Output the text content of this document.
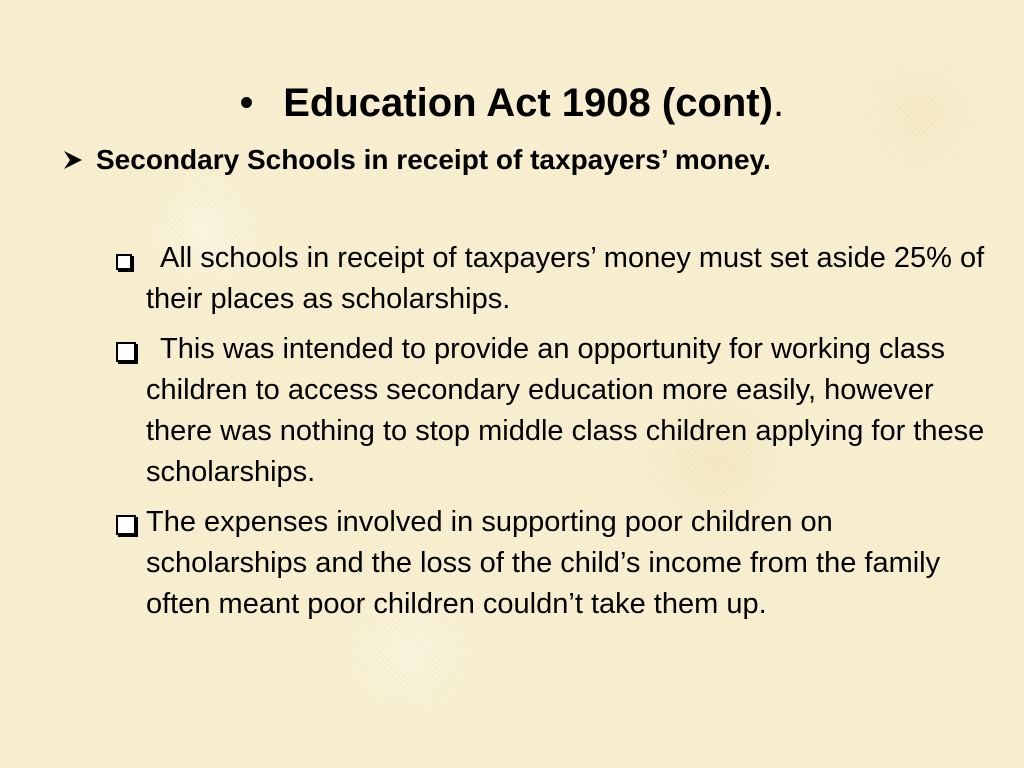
• Education Act 1908 (cont).
Secondary Schools in receipt of taxpayers’ money.
All schools in receipt of taxpayers’ money must set aside 25% of their places as scholarships.
This was intended to provide an opportunity for working class children to access secondary education more easily, however there was nothing to stop middle class children applying for these scholarships.
The expenses involved in supporting poor children on scholarships and the loss of the child’s income from the family often meant poor children couldn’t take them up.
